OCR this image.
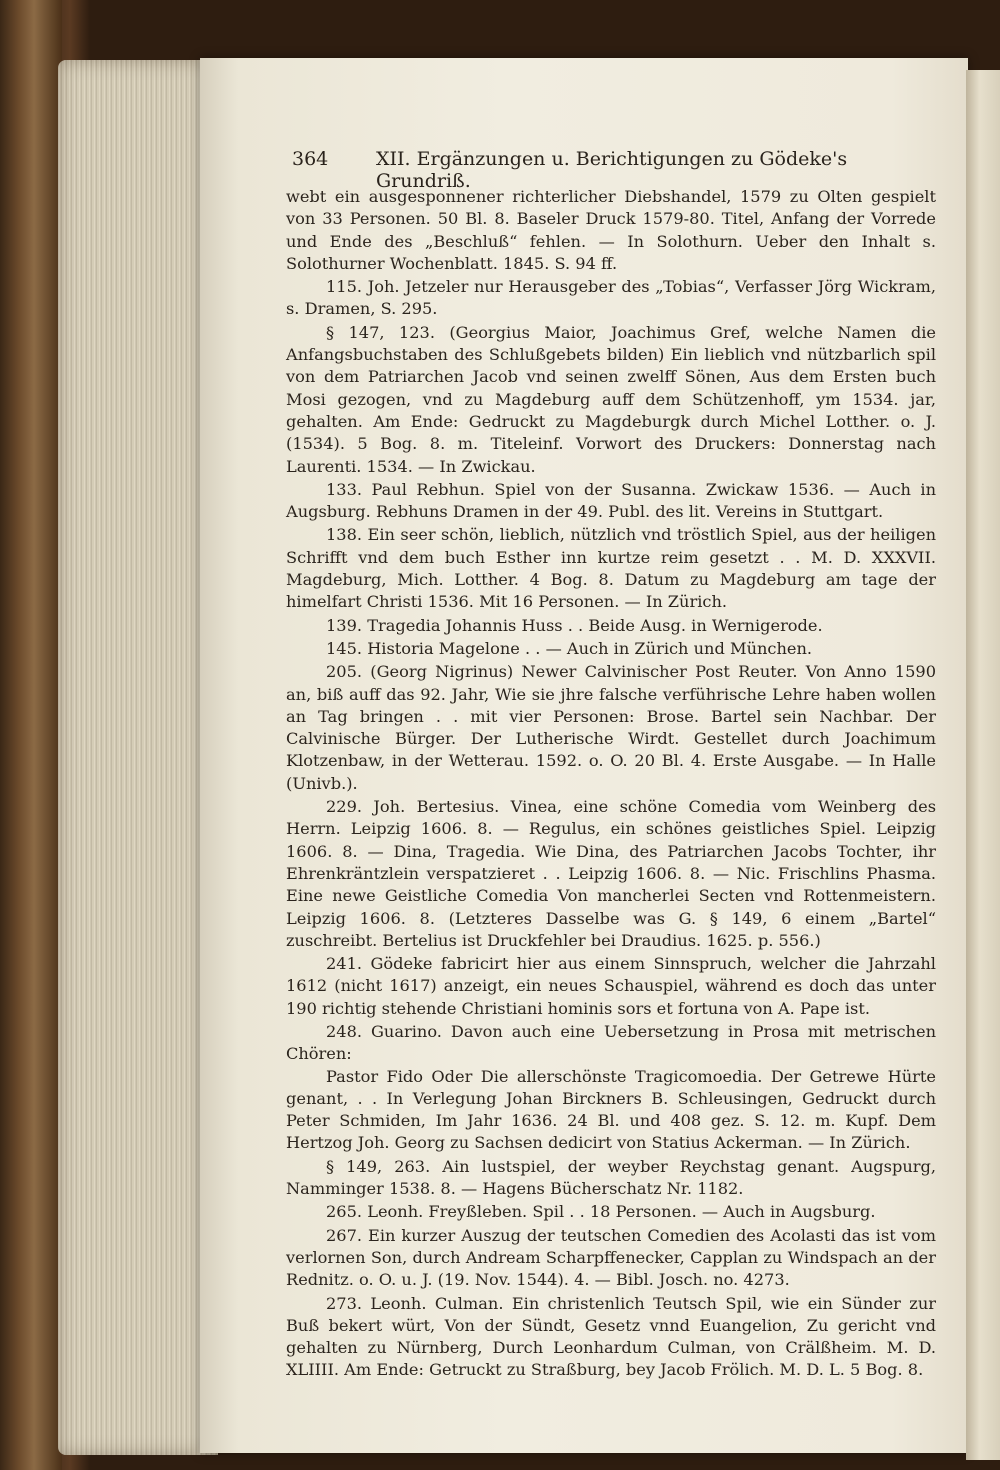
364	XII. Ergänzungen u. Berichtigungen zu Gödeke's Grundriß.

webt ein ausgesponnener richterlicher Diebshandel, 1579 zu Olten gespielt von 33 Personen. 50 Bl. 8. Baseler Druck 1579-80. Titel, Anfang der Vorrede und Ende des „Beschluß“ fehlen. — In Solothurn. Ueber den Inhalt s. Solothurner Wochenblatt. 1845. S. 94 ff.

115. Joh. Jetzeler nur Herausgeber des „Tobias“, Verfasser Jörg Wickram, s. Dramen, S. 295.

§ 147, 123. (Georgius Maior, Joachimus Gref, welche Namen die Anfangsbuchstaben des Schlußgebets bilden) Ein lieblich vnd nützbarlich spil von dem Patriarchen Jacob vnd seinen zwelff Sönen, Aus dem Ersten buch Mosi gezogen, vnd zu Magdeburg auff dem Schützenhoff, ym 1534. jar, gehalten. Am Ende: Gedruckt zu Magdeburgk durch Michel Lotther. o. J. (1534). 5 Bog. 8. m. Titeleinf. Vorwort des Druckers: Donnerstag nach Laurenti. 1534. — In Zwickau.

133. Paul Rebhun. Spiel von der Susanna. Zwickaw 1536. — Auch in Augsburg. Rebhuns Dramen in der 49. Publ. des lit. Vereins in Stuttgart.

138. Ein seer schön, lieblich, nützlich vnd tröstlich Spiel, aus der heiligen Schrifft vnd dem buch Esther inn kurtze reim gesetzt . . M. D. XXXVII. Magdeburg, Mich. Lotther. 4 Bog. 8. Datum zu Magdeburg am tage der himelfart Christi 1536. Mit 16 Personen. — In Zürich.

139. Tragedia Johannis Huss . . Beide Ausg. in Wernigerode.

145. Historia Magelone . . — Auch in Zürich und München.

205. (Georg Nigrinus) Newer Calvinischer Post Reuter. Von Anno 1590 an, biß auff das 92. Jahr, Wie sie jhre falsche verführische Lehre haben wollen an Tag bringen . . mit vier Personen: Brose. Bartel sein Nachbar. Der Calvinische Bürger. Der Lutherische Wirdt. Gestellet durch Joachimum Klotzenbaw, in der Wetterau. 1592. o. O. 20 Bl. 4. Erste Ausgabe. — In Halle (Univb.).

229. Joh. Bertesius. Vinea, eine schöne Comedia vom Weinberg des Herrn. Leipzig 1606. 8. — Regulus, ein schönes geistliches Spiel. Leipzig 1606. 8. — Dina, Tragedia. Wie Dina, des Patriarchen Jacobs Tochter, ihr Ehrenkräntzlein verspatzieret . . Leipzig 1606. 8. — Nic. Frischlins Phasma. Eine newe Geistliche Comedia Von mancherlei Secten vnd Rottenmeistern. Leipzig 1606. 8. (Letzteres Dasselbe was G. § 149, 6 einem „Bartel“ zuschreibt. Bertelius ist Druckfehler bei Draudius. 1625. p. 556.)

241. Gödeke fabricirt hier aus einem Sinnspruch, welcher die Jahrzahl 1612 (nicht 1617) anzeigt, ein neues Schauspiel, während es doch das unter 190 richtig stehende Christiani hominis sors et fortuna von A. Pape ist.

248. Guarino. Davon auch eine Uebersetzung in Prosa mit metrischen Chören:

Pastor Fido Oder Die allerschönste Tragicomoedia. Der Getrewe Hürte genant, . . In Verlegung Johan Birckners B. Schleusingen, Gedruckt durch Peter Schmiden, Im Jahr 1636. 24 Bl. und 408 gez. S. 12. m. Kupf. Dem Hertzog Joh. Georg zu Sachsen dedicirt von Statius Ackerman. — In Zürich.

§ 149, 263. Ain lustspiel, der weyber Reychstag genant. Augspurg, Namminger 1538. 8. — Hagens Bücherschatz Nr. 1182.

265. Leonh. Freyßleben. Spil . . 18 Personen. — Auch in Augsburg.

267. Ein kurzer Auszug der teutschen Comedien des Acolasti das ist vom verlornen Son, durch Andream Scharpffenecker, Capplan zu Windspach an der Rednitz. o. O. u. J. (19. Nov. 1544). 4. — Bibl. Josch. no. 4273.

273. Leonh. Culman. Ein christenlich Teutsch Spil, wie ein Sünder zur Buß bekert würt, Von der Sündt, Gesetz vnnd Euangelion, Zu gericht vnd gehalten zu Nürnberg, Durch Leonhardum Culman, von Crälßheim. M. D. XLIIII. Am Ende: Getruckt zu Straßburg, bey Jacob Frölich. M. D. L. 5 Bog. 8.
